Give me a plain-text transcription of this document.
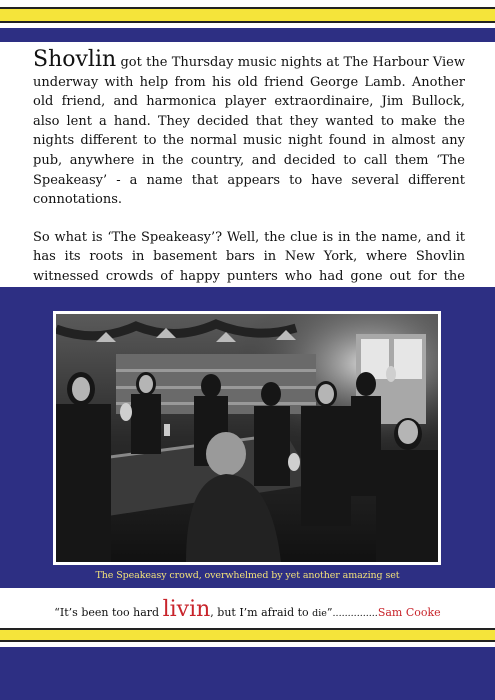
Shovlin got the Thursday music nights at The Harbour View underway with help from his old friend George Lamb. Another old friend, and harmonica player extraordinaire, Jim Bullock, also lent a hand. They decided that they wanted to make the nights different to the normal music night found in almost any pub, anywhere in the country, and decided to call them ‘The Speakeasy’ - a name that appears to have several different connotations.

So what is ‘The Speakeasy’? Well, the clue is in the name, and it has its roots in basement bars in New York, where Shovlin witnessed crowds of happy punters who had gone out for the

The Speakeasy crowd, overwhelmed by yet another amazing set
“It’s been too hard livin, but I’m afraid to die”...............Sam Cooke
